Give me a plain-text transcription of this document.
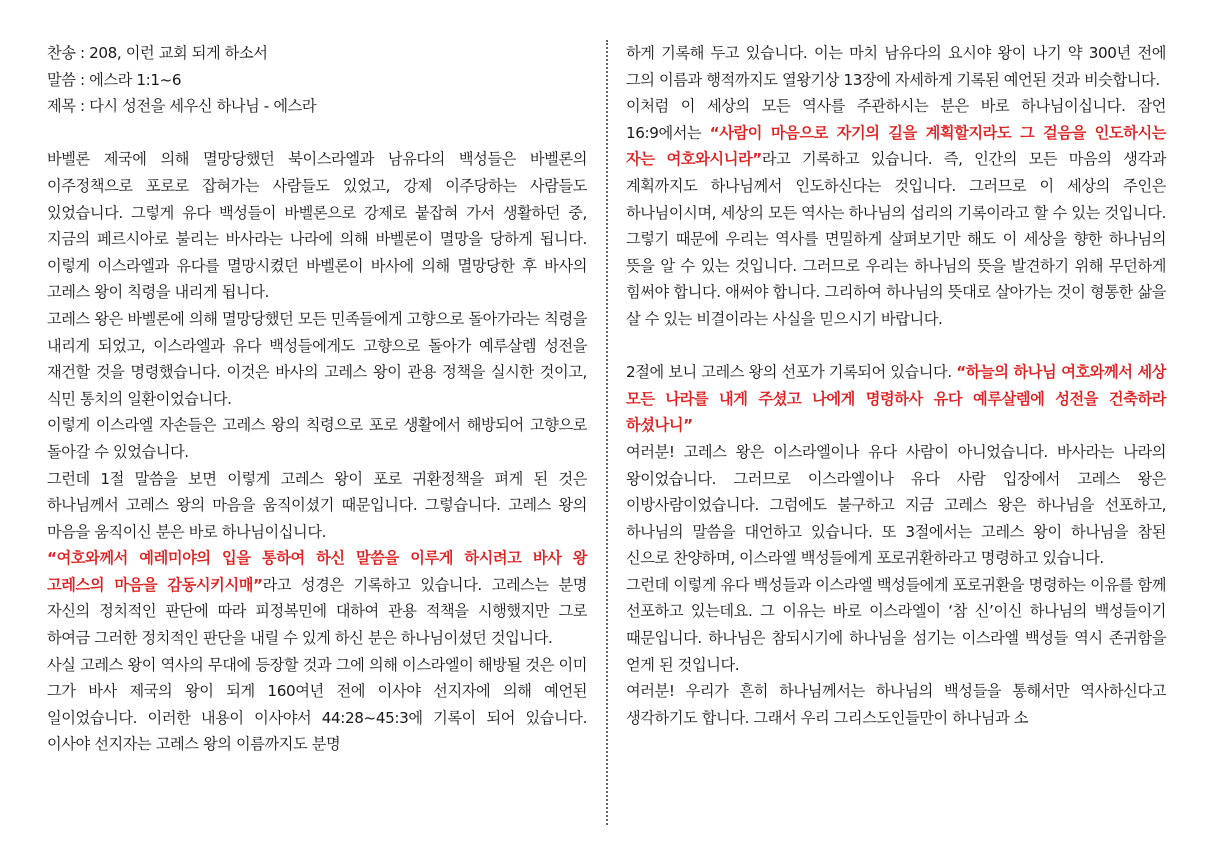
찬송 : 208, 이런 교회 되게 하소서

말씀 : 에스라 1:1~6

제목 : 다시 성전을 세우신 하나님 - 에스라

바벨론 제국에 의해 멸망당했던 북이스라엘과 남유다의 백성들은 바벨론의 이주정책으로 포로로 잡혀가는 사람들도 있었고, 강제 이주당하는 사람들도 있었습니다. 그렇게 유다 백성들이 바벨론으로 강제로 붙잡혀 가서 생활하던 중, 지금의 페르시아로 불리는 바사라는 나라에 의해 바벨론이 멸망을 당하게 됩니다. 이렇게 이스라엘과 유다를 멸망시켰던 바벨론이 바사에 의해 멸망당한 후 바사의 고레스 왕이 칙령을 내리게 됩니다.

고레스 왕은 바벨론에 의해 멸망당했던 모든 민족들에게 고향으로 돌아가라는 칙령을 내리게 되었고, 이스라엘과 유다 백성들에게도 고향으로 돌아가 예루살렘 성전을 재건할 것을 명령했습니다. 이것은 바사의 고레스 왕이 관용 정책을 실시한 것이고, 식민 통치의 일환이었습니다.

이렇게 이스라엘 자손들은 고레스 왕의 칙령으로 포로 생활에서 해방되어 고향으로 돌아갈 수 있었습니다.

그런데 1절 말씀을 보면 이렇게 고레스 왕이 포로 귀환정책을 펴게 된 것은 하나님께서 고레스 왕의 마음을 움직이셨기 때문입니다. 그렇습니다. 고레스 왕의 마음을 움직이신 분은 바로 하나님이십니다.

“여호와께서 예레미야의 입을 통하여 하신 말씀을 이루게 하시려고 바사 왕 고레스의 마음을 감동시키시매”라고 성경은 기록하고 있습니다. 고레스는 분명 자신의 정치적인 판단에 따라 피정복민에 대하여 관용 적책을 시행했지만 그로 하여금 그러한 정치적인 판단을 내릴 수 있게 하신 분은 하나님이셨던 것입니다.

사실 고레스 왕이 역사의 무대에 등장할 것과 그에 의해 이스라엘이 해방될 것은 이미 그가 바사 제국의 왕이 되게 160여년 전에 이사야 선지자에 의해 예언된 일이었습니다. 이러한 내용이 이사야서 44:28~45:3에 기록이 되어 있습니다. 이사야 선지자는 고레스 왕의 이름까지도 분명

하게 기록해 두고 있습니다. 이는 마치 남유다의 요시야 왕이 나기 약 300년 전에 그의 이름과 행적까지도 열왕기상 13장에 자세하게 기록된 예언된 것과 비슷합니다.

이처럼 이 세상의 모든 역사를 주관하시는 분은 바로 하나님이십니다. 잠언 16:9에서는 “사람이 마음으로 자기의 길을 계획할지라도 그 걸음을 인도하시는 자는 여호와시니라”라고 기록하고 있습니다. 즉, 인간의 모든 마음의 생각과 계획까지도 하나님께서 인도하신다는 것입니다. 그러므로 이 세상의 주인은 하나님이시며, 세상의 모든 역사는 하나님의 섭리의 기록이라고 할 수 있는 것입니다. 그렇기 때문에 우리는 역사를 면밀하게 살펴보기만 해도 이 세상을 향한 하나님의 뜻을 알 수 있는 것입니다. 그러므로 우리는 하나님의 뜻을 발견하기 위해 무던하게 힘써야 합니다. 애써야 합니다. 그리하여 하나님의 뜻대로 살아가는 것이 형통한 삶을 살 수 있는 비결이라는 사실을 믿으시기 바랍니다.

2절에 보니 고레스 왕의 선포가 기록되어 있습니다. “하늘의 하나님 여호와께서 세상 모든 나라를 내게 주셨고 나에게 명령하사 유다 예루살렘에 성전을 건축하라 하셨나니”

여러분! 고레스 왕은 이스라엘이나 유다 사람이 아니었습니다. 바사라는 나라의 왕이었습니다. 그러므로 이스라엘이나 유다 사람 입장에서 고레스 왕은 이방사람이었습니다. 그럼에도 불구하고 지금 고레스 왕은 하나님을 선포하고, 하나님의 말씀을 대언하고 있습니다. 또 3절에서는 고레스 왕이 하나님을 참된 신으로 찬양하며, 이스라엘 백성들에게 포로귀환하라고 명령하고 있습니다.

그런데 이렇게 유다 백성들과 이스라엘 백성들에게 포로귀환을 명령하는 이유를 함께 선포하고 있는데요. 그 이유는 바로 이스라엘이 ‘참 신’이신 하나님의 백성들이기 때문입니다. 하나님은 참되시기에 하나님을 섬기는 이스라엘 백성들 역시 존귀함을 얻게 된 것입니다.

여러분! 우리가 흔히 하나님께서는 하나님의 백성들을 통해서만 역사하신다고 생각하기도 합니다. 그래서 우리 그리스도인들만이 하나님과 소
